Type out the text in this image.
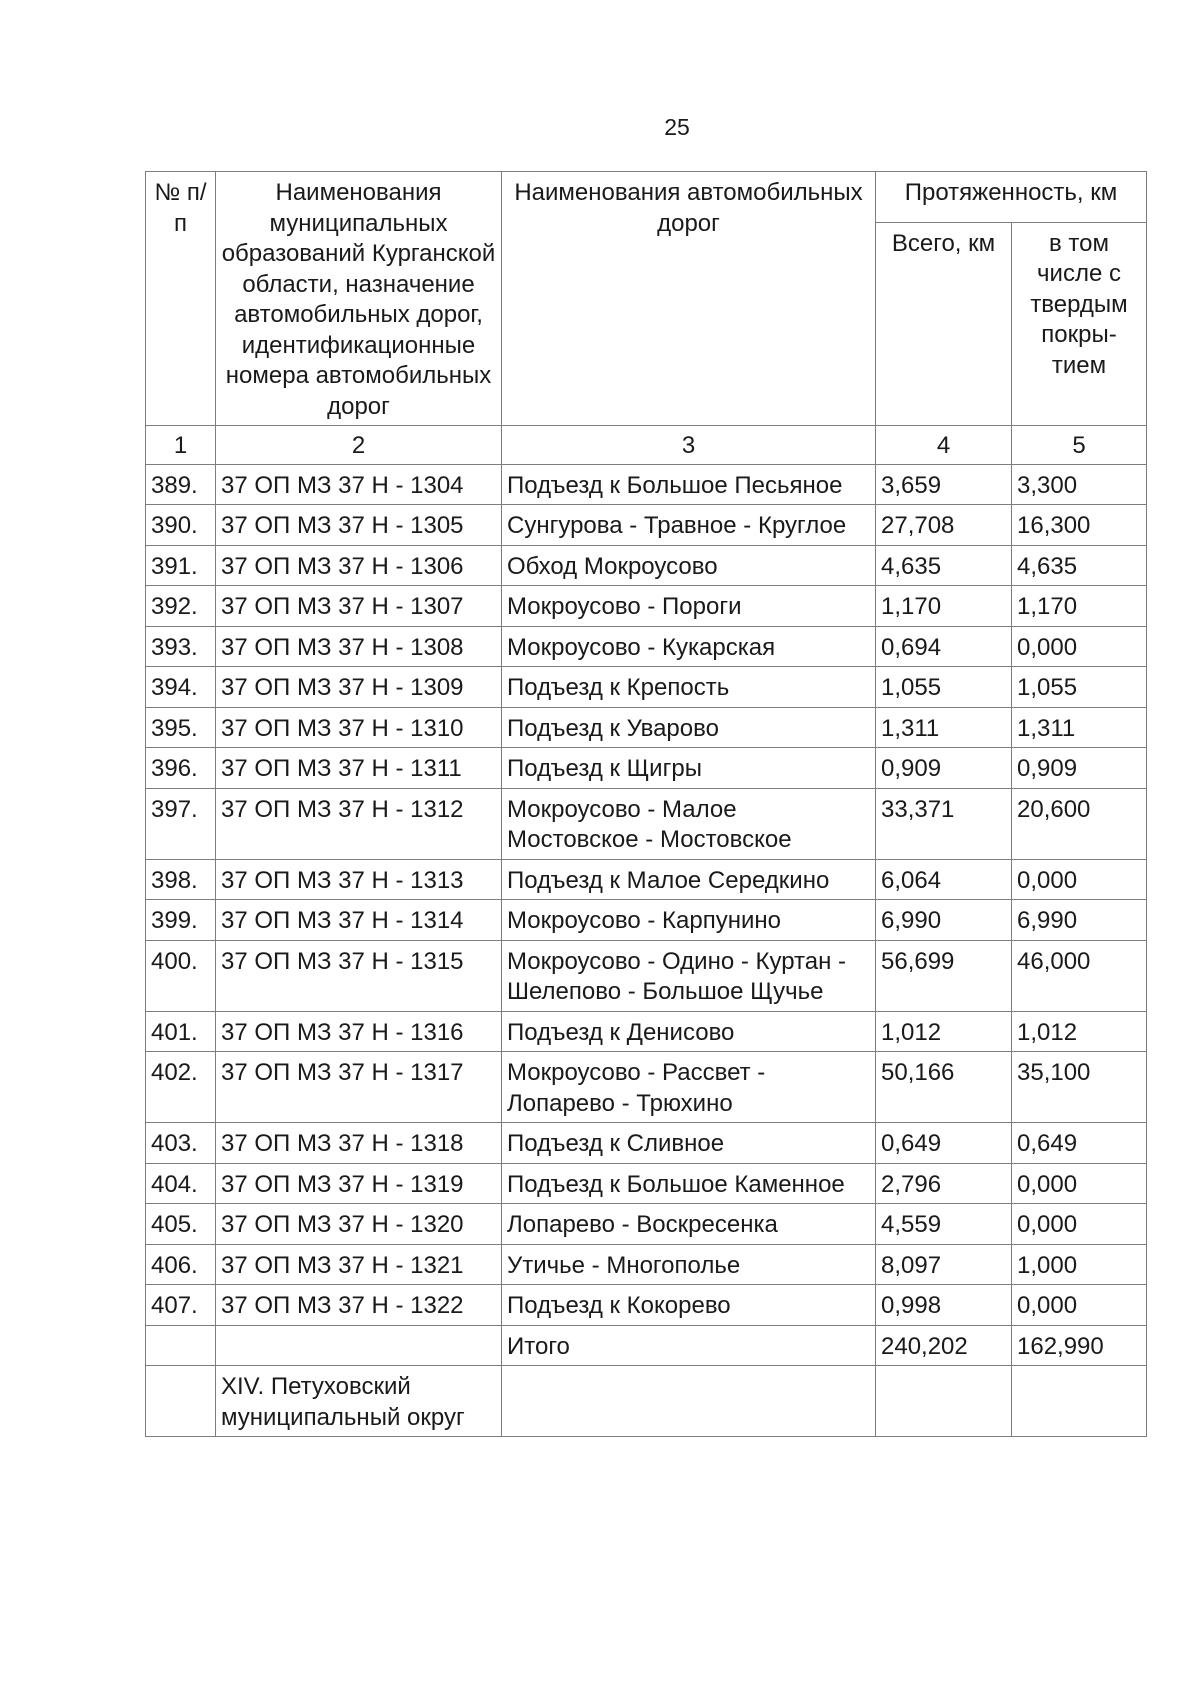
25
№ п/п	Наименования муниципальных образований Курганской области, назначение автомобильных дорог, идентификационные номера автомобильных дорог	Наименования автомобильных дорог	Протяженность, км	
			Всего, км	в том числе с твердым покры-тием
1	2	3	4	5
389.	37 ОП МЗ 37 Н - 1304	Подъезд к Большое Песьяное	3,659	3,300
390.	37 ОП МЗ 37 Н - 1305	Сунгурова - Травное - Круглое	27,708	16,300
391.	37 ОП МЗ 37 Н - 1306	Обход Мокроусово	4,635	4,635
392.	37 ОП МЗ 37 Н - 1307	Мокроусово - Пороги	1,170	1,170
393.	37 ОП МЗ 37 Н - 1308	Мокроусово - Кукарская	0,694	0,000
394.	37 ОП МЗ 37 Н - 1309	Подъезд к Крепость	1,055	1,055
395.	37 ОП МЗ 37 Н - 1310	Подъезд к Уварово	1,311	1,311
396.	37 ОП МЗ 37 Н - 1311	Подъезд к Щигры	0,909	0,909
397.	37 ОП МЗ 37 Н - 1312	Мокроусово - Малое Мостовское - Мостовское	33,371	20,600
398.	37 ОП МЗ 37 Н - 1313	Подъезд к Малое Середкино	6,064	0,000
399.	37 ОП МЗ 37 Н - 1314	Мокроусово - Карпунино	6,990	6,990
400.	37 ОП МЗ 37 Н - 1315	Мокроусово - Одино - Куртан - Шелепово - Большое Щучье	56,699	46,000
401.	37 ОП МЗ 37 Н - 1316	Подъезд к Денисово	1,012	1,012
402.	37 ОП МЗ 37 Н - 1317	Мокроусово - Рассвет - Лопарево - Трюхино	50,166	35,100
403.	37 ОП МЗ 37 Н - 1318	Подъезд к Сливное	0,649	0,649
404.	37 ОП МЗ 37 Н - 1319	Подъезд к Большое Каменное	2,796	0,000
405.	37 ОП МЗ 37 Н - 1320	Лопарево - Воскресенка	4,559	0,000
406.	37 ОП МЗ 37 Н - 1321	Утичье - Многополье	8,097	1,000
407.	37 ОП МЗ 37 Н - 1322	Подъезд к Кокорево	0,998	0,000
		Итого	240,202	162,990
	XIV. Петуховский муниципальный округ			
